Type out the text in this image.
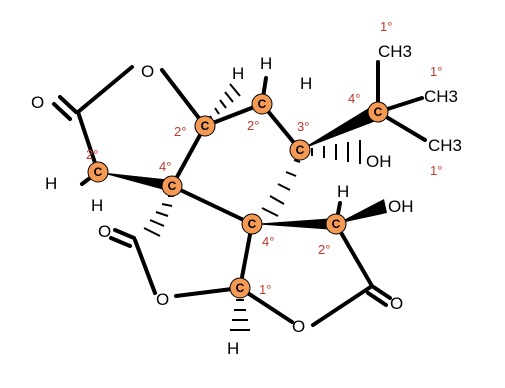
O
O
O
O
O
O
H
H
H
H
H
H
H
CH3
CH3
CH3
OH
OH
C
C
C
C
C
C
C	C
C
2°
2°
4°
2°	3°
4°
4°
2°
1°
1°
1°
1°
